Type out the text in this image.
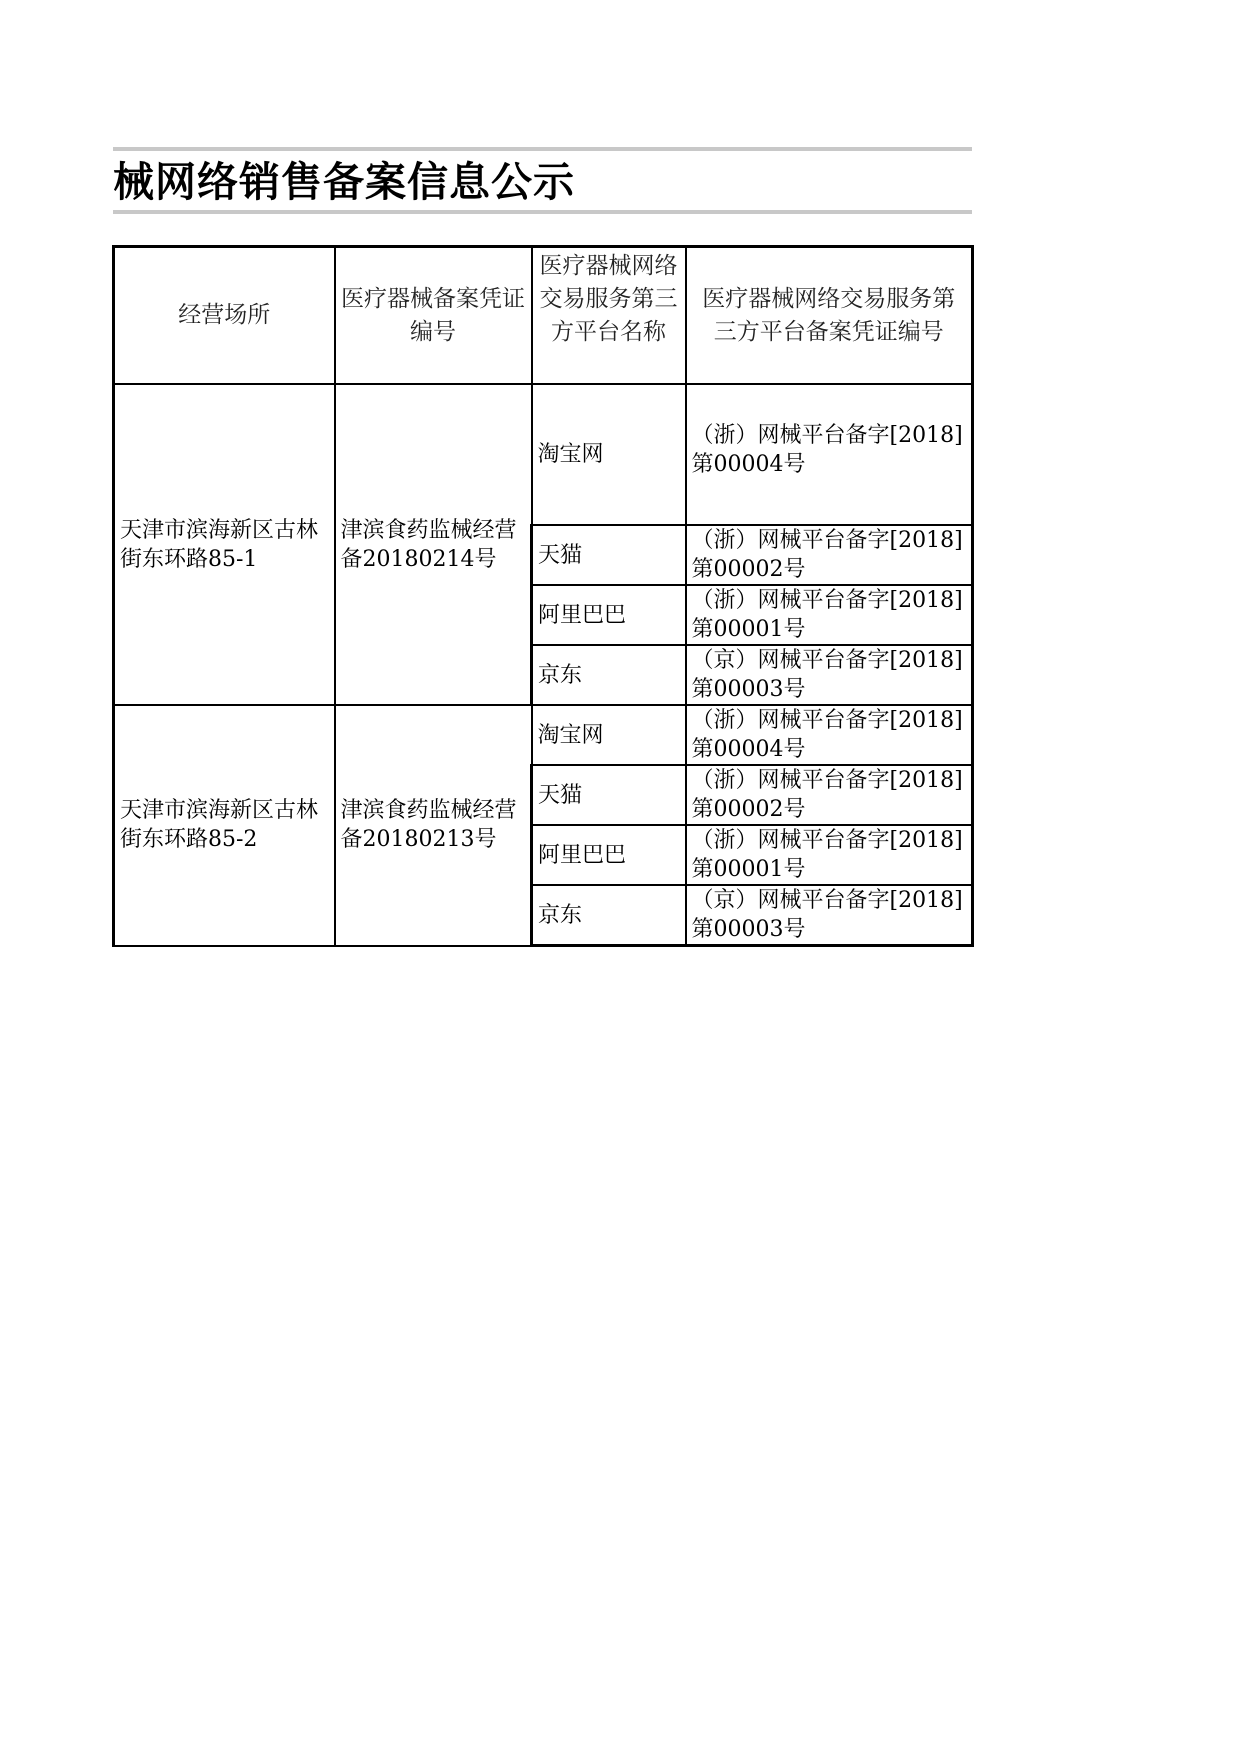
械网络销售备案信息公示
经营场所	医疗器械备案凭证编号	医疗器械网络交易服务第三方平台名称	医疗器械网络交易服务第三方平台备案凭证编号

天津市滨海新区古林街东环路85-1	津滨食药监械经营备20180214号	淘宝网	（浙）网械平台备字[2018]第00004号
		天猫	（浙）网械平台备字[2018]第00002号
		阿里巴巴	（浙）网械平台备字[2018]第00001号
		京东	（京）网械平台备字[2018]第00003号
天津市滨海新区古林街东环路85-2	津滨食药监械经营备20180213号	淘宝网	（浙）网械平台备字[2018]第00004号
		天猫	（浙）网械平台备字[2018]第00002号
		阿里巴巴	（浙）网械平台备字[2018]第00001号
		京东	（京）网械平台备字[2018]第00003号
